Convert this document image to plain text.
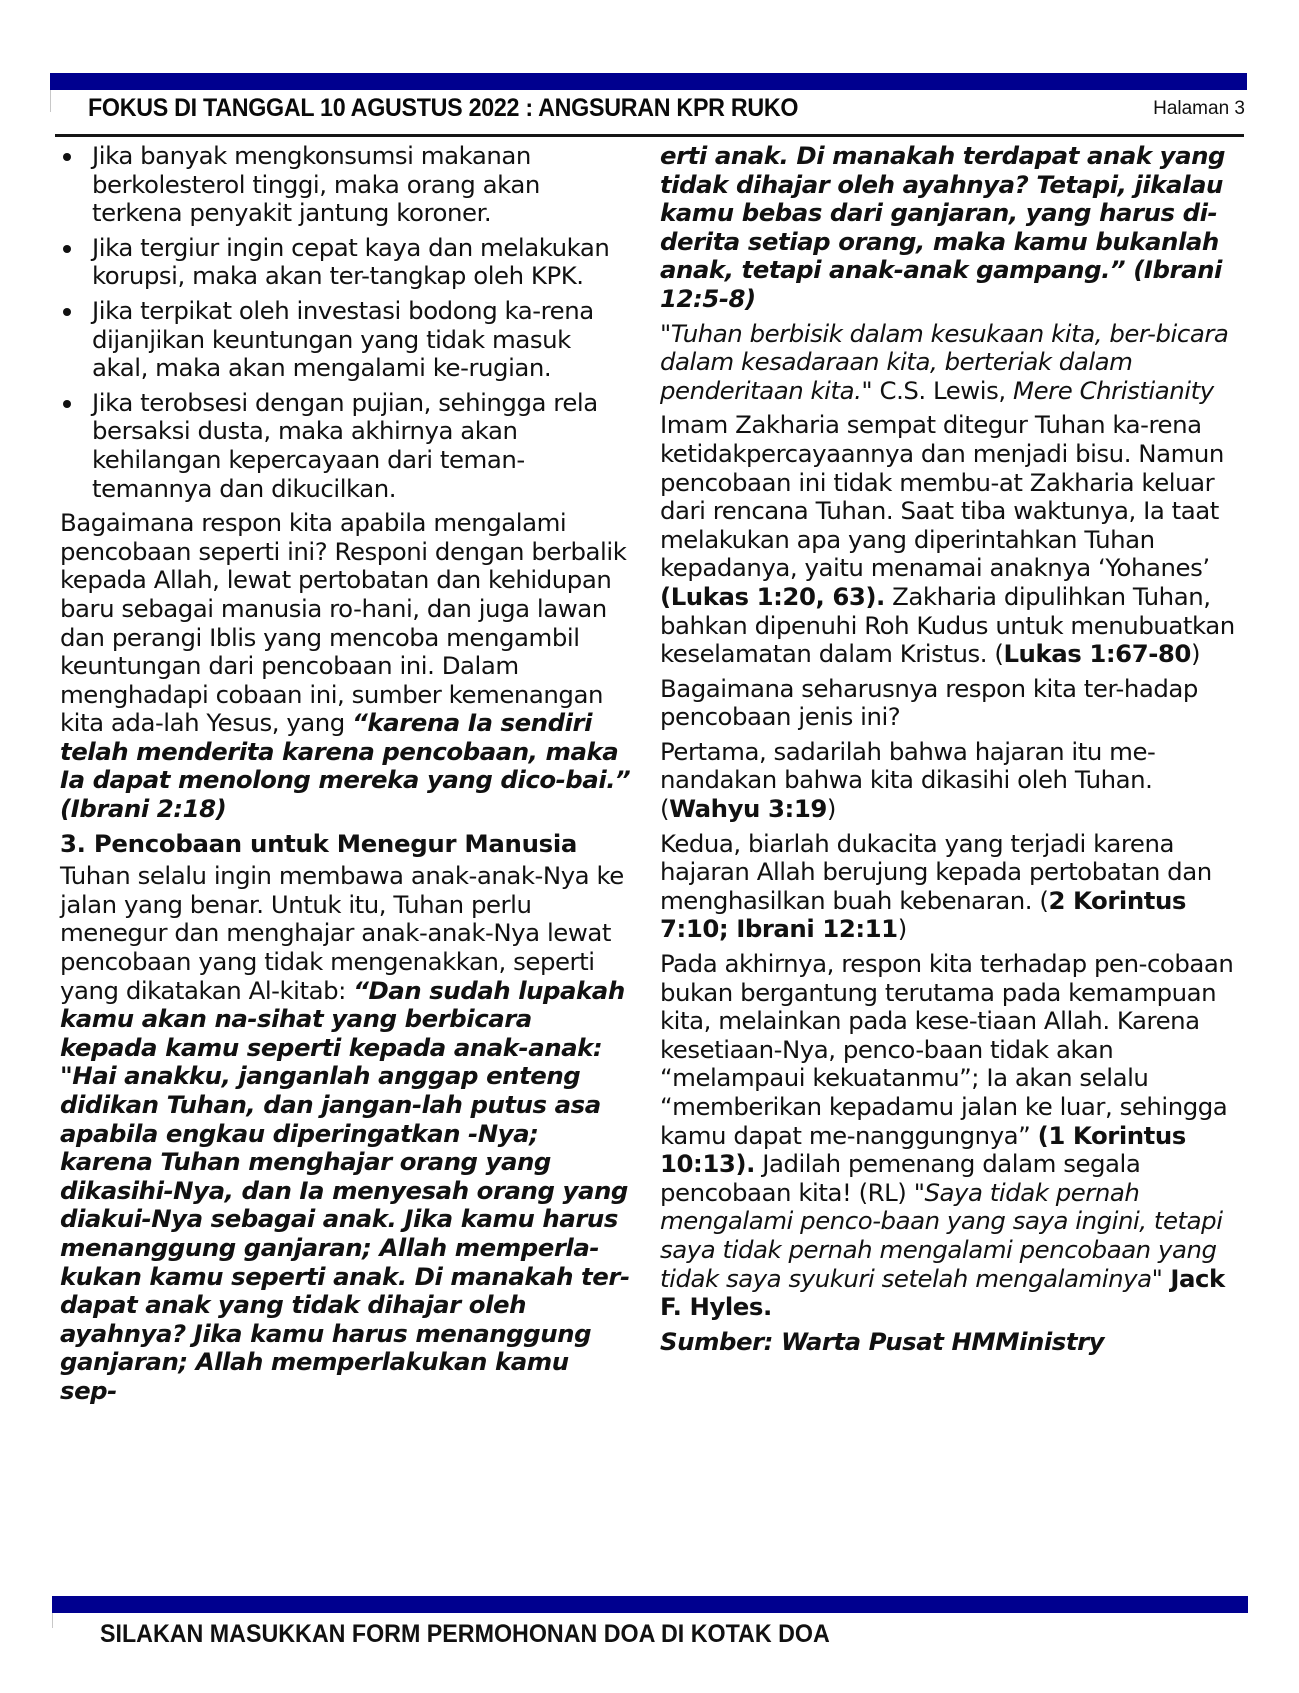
FOKUS DI TANGGAL 10 AGUSTUS 2022 : ANGSURAN KPR RUKO	Halaman 3
Jika banyak mengkonsumsi makanan berkolesterol tinggi, maka orang akan terkena penyakit jantung koroner.
Jika tergiur ingin cepat kaya dan melakukan korupsi, maka akan ter-tangkap oleh KPK.
Jika terpikat oleh investasi bodong ka-rena dijanjikan keuntungan yang tidak masuk akal, maka akan mengalami ke-rugian.
Jika terobsesi dengan pujian, sehingga rela bersaksi dusta, maka akhirnya akan kehilangan kepercayaan dari teman-temannya dan dikucilkan.

Bagaimana respon kita apabila mengalami pencobaan seperti ini? Responi dengan berbalik kepada Allah, lewat pertobatan dan kehidupan baru sebagai manusia ro-hani, dan juga lawan dan perangi Iblis yang mencoba mengambil keuntungan dari pencobaan ini. Dalam menghadapi cobaan ini, sumber kemenangan kita ada-lah Yesus, yang “karena Ia sendiri telah menderita karena pencobaan, maka Ia dapat menolong mereka yang dico-bai.” (Ibrani 2:18)

3. Pencobaan untuk Menegur Manusia

Tuhan selalu ingin membawa anak-anak-Nya ke jalan yang benar. Untuk itu, Tuhan perlu menegur dan menghajar anak-anak-Nya lewat pencobaan yang tidak mengenakkan, seperti yang dikatakan Al-kitab: “Dan sudah lupakah kamu akan na-sihat yang berbicara kepada kamu seperti kepada anak-anak: "Hai anakku, janganlah anggap enteng didikan Tuhan, dan jangan-lah putus asa apabila engkau diperingatkan -Nya; karena Tuhan menghajar orang yang dikasihi-Nya, dan Ia menyesah orang yang diakui-Nya sebagai anak. Jika kamu harus menanggung ganjaran; Allah memperla-kukan kamu seperti anak. Di manakah ter-dapat anak yang tidak dihajar oleh ayahnya? Jika kamu harus menanggung ganjaran; Allah memperlakukan kamu sep-

erti anak. Di manakah terdapat anak yang tidak dihajar oleh ayahnya? Tetapi, jikalau kamu bebas dari ganjaran, yang harus di-derita setiap orang, maka kamu bukanlah anak, tetapi anak-anak gampang.” (Ibrani 12:5-8)

"Tuhan berbisik dalam kesukaan kita, ber-bicara dalam kesadaraan kita, berteriak dalam penderitaan kita." C.S. Lewis, Mere Christianity

Imam Zakharia sempat ditegur Tuhan ka-rena ketidakpercayaannya dan menjadi bisu. Namun pencobaan ini tidak membu-at Zakharia keluar dari rencana Tuhan. Saat tiba waktunya, Ia taat melakukan apa yang diperintahkan Tuhan kepadanya, yaitu menamai anaknya ‘Yohanes’ (Lukas 1:20, 63). Zakharia dipulihkan Tuhan, bahkan dipenuhi Roh Kudus untuk menubuatkan keselamatan dalam Kristus. (Lukas 1:67-80)

Bagaimana seharusnya respon kita ter-hadap pencobaan jenis ini?

Pertama, sadarilah bahwa hajaran itu me-nandakan bahwa kita dikasihi oleh Tuhan. (Wahyu 3:19)

Kedua, biarlah dukacita yang terjadi karena hajaran Allah berujung kepada pertobatan dan menghasilkan buah kebenaran. (2 Korintus 7:10; Ibrani 12:11)

Pada akhirnya, respon kita terhadap pen-cobaan bukan bergantung terutama pada kemampuan kita, melainkan pada kese-tiaan Allah. Karena kesetiaan-Nya, penco-baan tidak akan “melampaui kekuatanmu”; Ia akan selalu “memberikan kepadamu jalan ke luar, sehingga kamu dapat me-nanggungnya” (1 Korintus 10:13). Jadilah pemenang dalam segala pencobaan kita! (RL) "Saya tidak pernah mengalami penco-baan yang saya ingini, tetapi saya tidak pernah mengalami pencobaan yang tidak saya syukuri setelah mengalaminya" Jack F. Hyles.

Sumber: Warta Pusat HMMinistry

SILAKAN MASUKKAN FORM PERMOHONAN DOA DI KOTAK DOA
